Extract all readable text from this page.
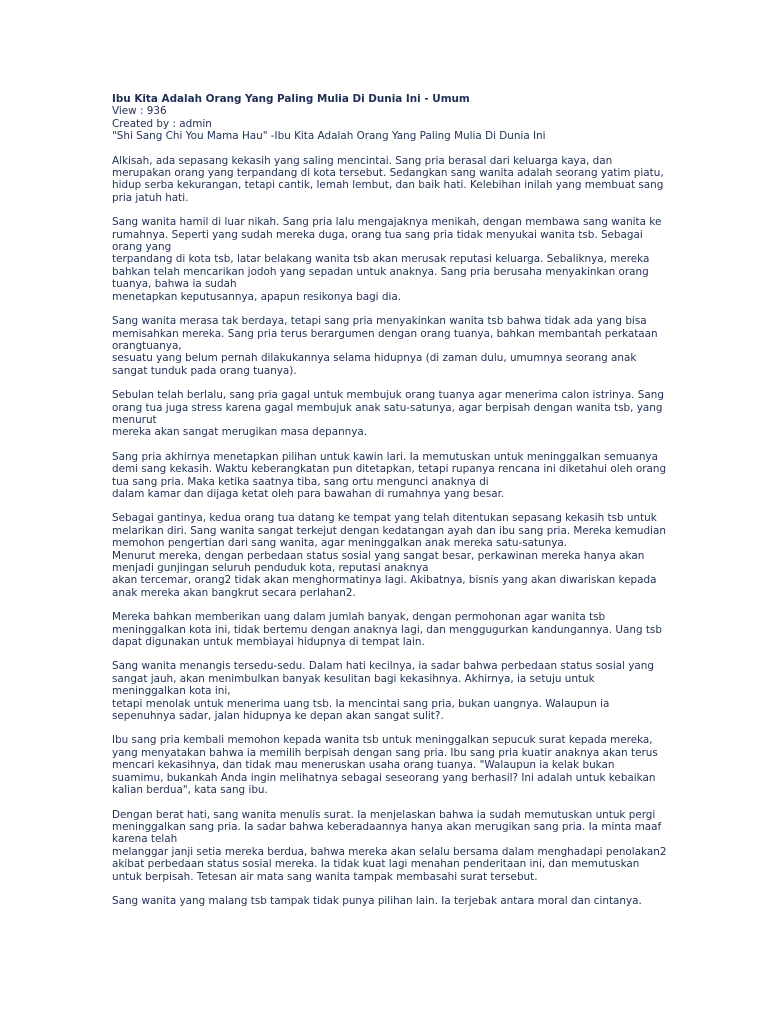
Ibu Kita Adalah Orang Yang Paling Mulia Di Dunia Ini - Umum

View : 936

Created by : admin

"Shi Sang Chi You Mama Hau" -Ibu Kita Adalah Orang Yang Paling Mulia Di Dunia Ini

Alkisah, ada sepasang kekasih yang saling mencintai. Sang pria berasal dari keluarga kaya, dan
merupakan orang yang terpandang di kota tersebut. Sedangkan sang wanita adalah seorang yatim piatu,
hidup serba kekurangan, tetapi cantik, lemah lembut, dan baik hati. Kelebihan inilah yang membuat sang
pria jatuh hati.
Sang wanita hamil di luar nikah. Sang pria lalu mengajaknya menikah, dengan membawa sang wanita ke
rumahnya. Seperti yang sudah mereka duga, orang tua sang pria tidak menyukai wanita tsb. Sebagai
orang yang
terpandang di kota tsb, latar belakang wanita tsb akan merusak reputasi keluarga. Sebaliknya, mereka
bahkan telah mencarikan jodoh yang sepadan untuk anaknya. Sang pria berusaha menyakinkan orang
tuanya, bahwa ia sudah
menetapkan keputusannya, apapun resikonya bagi dia.
Sang wanita merasa tak berdaya, tetapi sang pria menyakinkan wanita tsb bahwa tidak ada yang bisa
memisahkan mereka. Sang pria terus berargumen dengan orang tuanya, bahkan membantah perkataan
orangtuanya,
sesuatu yang belum pernah dilakukannya selama hidupnya (di zaman dulu, umumnya seorang anak
sangat tunduk pada orang tuanya).
Sebulan telah berlalu, sang pria gagal untuk membujuk orang tuanya agar menerima calon istrinya. Sang
orang tua juga stress karena gagal membujuk anak satu-satunya, agar berpisah dengan wanita tsb, yang
menurut
mereka akan sangat merugikan masa depannya.
Sang pria akhirnya menetapkan pilihan untuk kawin lari. Ia memutuskan untuk meninggalkan semuanya
demi sang kekasih. Waktu keberangkatan pun ditetapkan, tetapi rupanya rencana ini diketahui oleh orang
tua sang pria. Maka ketika saatnya tiba, sang ortu mengunci anaknya di
dalam kamar dan dijaga ketat oleh para bawahan di rumahnya yang besar.
Sebagai gantinya, kedua orang tua datang ke tempat yang telah ditentukan sepasang kekasih tsb untuk
melarikan diri. Sang wanita sangat terkejut dengan kedatangan ayah dan ibu sang pria. Mereka kemudian
memohon pengertian dari sang wanita, agar meninggalkan anak mereka satu-satunya.
Menurut mereka, dengan perbedaan status sosial yang sangat besar, perkawinan mereka hanya akan
menjadi gunjingan seluruh penduduk kota, reputasi anaknya
akan tercemar, orang2 tidak akan menghormatinya lagi. Akibatnya, bisnis yang akan diwariskan kepada
anak mereka akan bangkrut secara perlahan2.
Mereka bahkan memberikan uang dalam jumlah banyak, dengan permohonan agar wanita tsb
meninggalkan kota ini, tidak bertemu dengan anaknya lagi, dan menggugurkan kandungannya. Uang tsb
dapat digunakan untuk membiayai hidupnya di tempat lain.
Sang wanita menangis tersedu-sedu. Dalam hati kecilnya, ia sadar bahwa perbedaan status sosial yang
sangat jauh, akan menimbulkan banyak kesulitan bagi kekasihnya. Akhirnya, ia setuju untuk
meninggalkan kota ini,
tetapi menolak untuk menerima uang tsb. Ia mencintai sang pria, bukan uangnya. Walaupun ia
sepenuhnya sadar, jalan hidupnya ke depan akan sangat sulit?.
Ibu sang pria kembali memohon kepada wanita tsb untuk meninggalkan sepucuk surat kepada mereka,
yang menyatakan bahwa ia memilih berpisah dengan sang pria. Ibu sang pria kuatir anaknya akan terus
mencari kekasihnya, dan tidak mau meneruskan usaha orang tuanya. "Walaupun ia kelak bukan
suamimu, bukankah Anda ingin melihatnya sebagai seseorang yang berhasil? Ini adalah untuk kebaikan
kalian berdua", kata sang ibu.
Dengan berat hati, sang wanita menulis surat. Ia menjelaskan bahwa ia sudah memutuskan untuk pergi
meninggalkan sang pria. Ia sadar bahwa keberadaannya hanya akan merugikan sang pria. Ia minta maaf
karena telah
melanggar janji setia mereka berdua, bahwa mereka akan selalu bersama dalam menghadapi penolakan2
akibat perbedaan status sosial mereka. Ia tidak kuat lagi menahan penderitaan ini, dan memutuskan
untuk berpisah. Tetesan air mata sang wanita tampak membasahi surat tersebut.
Sang wanita yang malang tsb tampak tidak punya pilihan lain. Ia terjebak antara moral dan cintanya.
